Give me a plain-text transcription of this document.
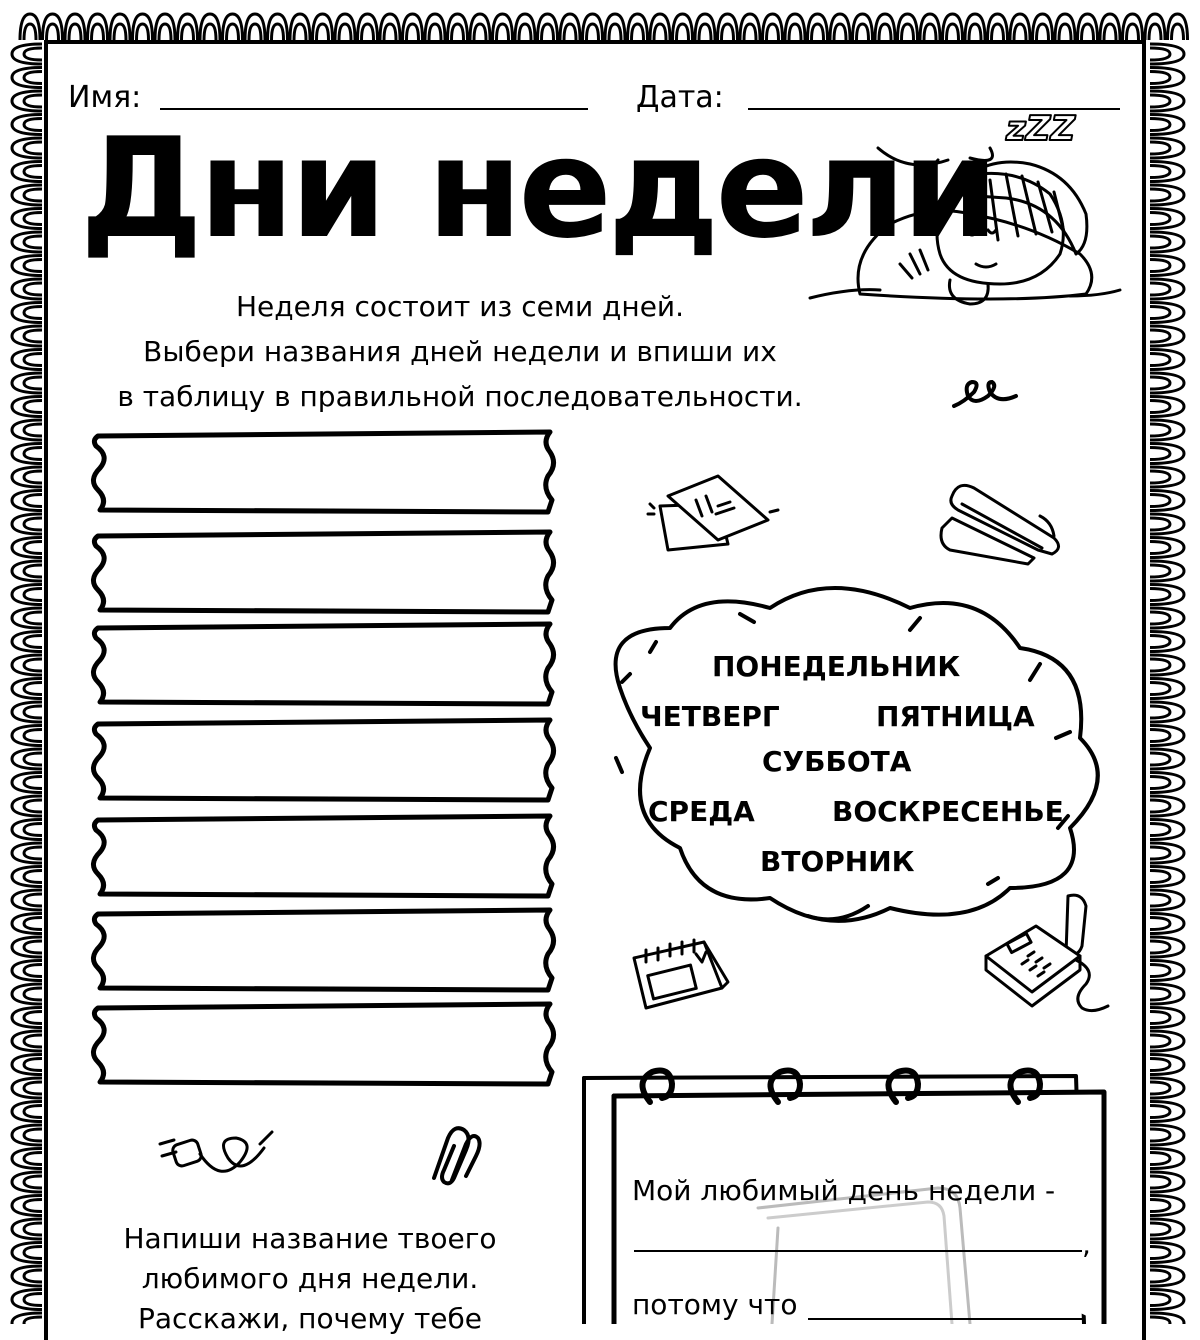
Имя:	Дата:
Дни недели zZZ
Неделя состоит из семи дней.
Выбери названия дней недели и впиши их
в таблицу в правильной последовательности.
ПОНЕДЕЛЬНИК
ЧЕТВЕРГ	ПЯТНИЦА
СУББОТА
СРЕДА	ВОСКРЕСЕНЬЕ
ВТОРНИК
Напиши название твоего
любимого дня недели.
Расскажи, почему тебе
Мой любимый день недели -
,
потому что
